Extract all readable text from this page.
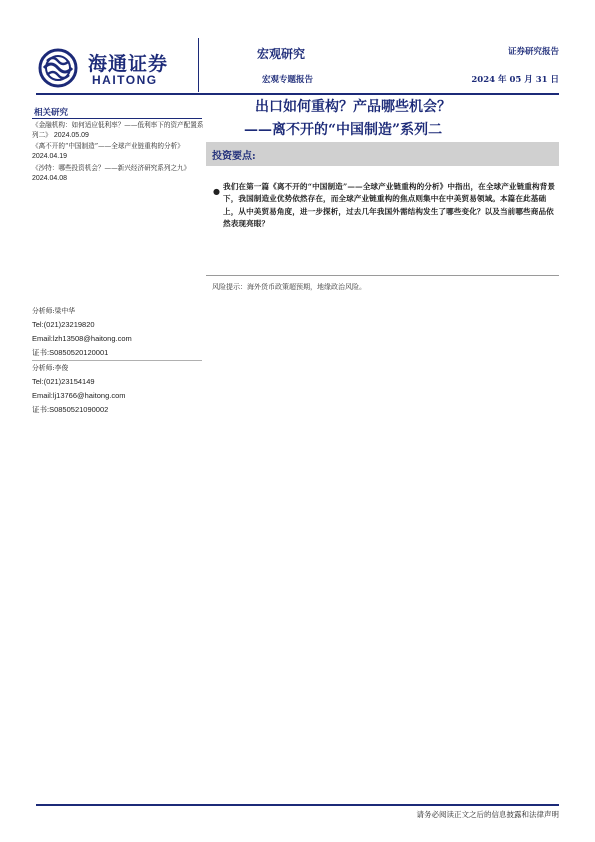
海通证券
HAITONG
宏观研究
宏观专题报告
证券研究报告
2024 年 05 月 31 日
相关研究
《金融机构：如何适应低利率？——低利率下的资产配置系列二》 2024.05.09
《离不开的“中国制造”——全球产业链重构的分析》 2024.04.19
《沙特：哪些投资机会？——新兴经济研究系列之九》 2024.04.08
分析师:梁中华
Tel:(021)23219820
Email:lzh13508@haitong.com
证书:S0850520120001
分析师:李俊
Tel:(021)23154149
Email:lj13766@haitong.com
证书:S0850521090002
出口如何重构？产品哪些机会？
——离不开的“中国制造”系列二
投资要点:
●
我们在第一篇《离不开的“中国制造”——全球产业链重构的分析》中指出，在全球产业链重构背景下，我国制造业优势依然存在，而全球产业链重构的焦点则集中在中美贸易领域。本篇在此基础上，从中美贸易角度，进一步探析，过去几年我国外需结构发生了哪些变化？以及当前哪些商品依然表现亮眼？
风险提示：海外货币政策超预期，地缘政治风险。
请务必阅读正文之后的信息披露和法律声明
